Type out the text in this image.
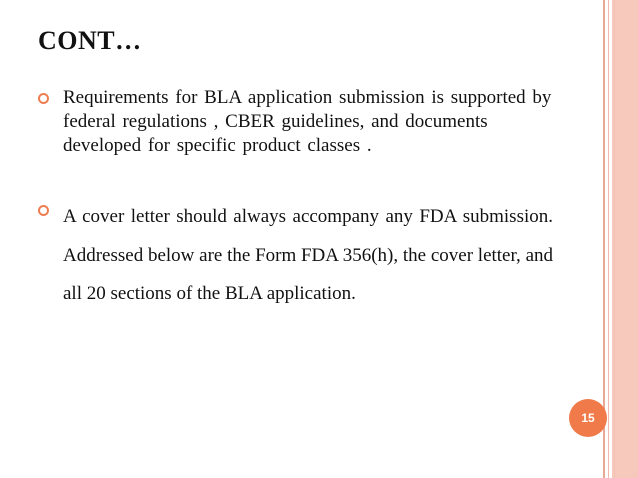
CONT…

Requirements for BLA application submission is supported by federal regulations , CBER guidelines, and documents developed for specific product classes .

A cover letter should always accompany any FDA submission. Addressed below are the Form FDA 356(h), the cover letter, and all 20 sections of the BLA application.

15
